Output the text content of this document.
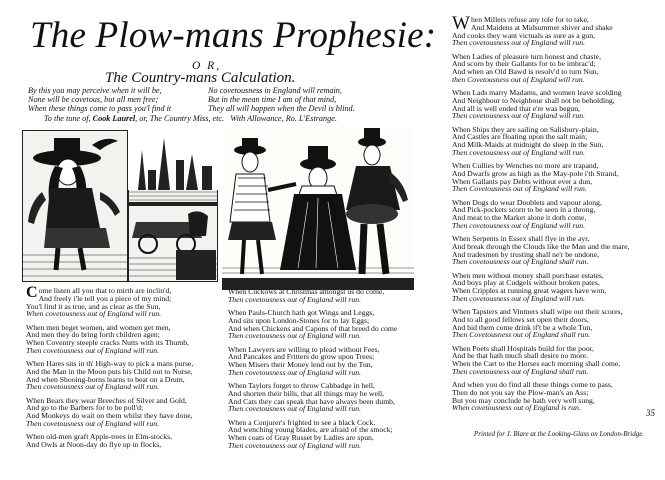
The Plow-mans Prophesie:
O R,
The Country-mans Calculation.
By this you may perceive when it will be,
None will be covetous, but all men free;
When these things come to pass you'l find it
No covetousness in England will remain,
But in the mean time I am of that mind,
They all will happen when the Devil is blind.
To the tune of, Cook Laurel, or, The Country Miss, etc. With Allowance, Ro. L'Estrange.
Come listen all you that to mirth are inclin'd,
And freely i'le tell you a piece of my mind;
You'l find it as true, and as clear as the Sun,
When covetousness out of England will run.
When men beget women, and women get men,
And men they do bring forth children agen;
When Coventry steeple cracks Nutts with its Thumb,
Then covetousness out of England will run.
When Hares sits in th' High-way to pick a mans purse,
And the Man in the Moon puts his Child out to Nurse,
And when Shooing-horns learns to beat on a Drum,
Then covetousness out of England will run.
When Bears they wear Breeches of Silver and Gold,
And go to the Barbers for to be poll'd;
And Monkeys do wait on them whilst they have done,
Then covetousness out of England will run.
When old-men graft Apple-trees in Elm-stocks,
And Owls at Noon-day do flye up in flocks,
When Cuckows at Christmas amongst us do come,
Then covetousness out of England will run.
When Pauls-Church hath got Wings and Leggs,
And sits upon London-Stones for to lay Eggs;
And when Chickens and Capons of that breed do come
Then covetousness out of England will run.
When Lawyers are willing to plead without Fees,
And Pancakes and Fritters do grow upon Trees;
When Misers their Money lend out by the Tun,
Then covetousness out of England will run.
When Taylors forget to throw Cabbadge in hell,
And shorten their bills, that all things may be well,
And Cats they can speak that have always been dumb,
Then covetousness out of England will run.
When a Conjurer's frighted to see a black Cock,
And wenching young blades, are afraid of the smock;
When coats of Gray Russet by Ladies are spun,
Then covetousness out of England will run.
When Millers refuse any tole for to take,
And Maidens at Midsummer shiver and shake
And cooks they want victuals as sure as a gun,
Then covetousness out of England will run.
When Ladies of pleasure turn honest and chaste,
And scorn by their Gallants for to be imbrac'd;
And when an Old Bawd is resolv'd to turn Nun,
then Covetousness out of England will run.
When Lads marry Madams, and women leave scolding
And Neighbour to Neighbour shall not be beholding,
And all is well ended that e're was begun,
Then covetousness out of England will run.
When Ships they are sailing on Salisbury-plain,
And Castles are floating upon the salt main;
And Milk-Maids at midnight do sleep in the Sun,
Then covetousness out of England will run.
When Cullies by Wenches no more are trapand,
And Dwarfs grow as high as the May-pole i'th Strand,
When Gallants pay Debts without ever a dun,
Then Covetousness out of England will run.
When Dogs do wear Doublets and vapour along,
And Pick-pockets scorn to be seen in a throng,
And meat to the Market alone it doth come,
Then covetousness out of England will run.
When Serpents in Essex shall flye in the ayr,
And break through the Clouds like the Man and the mare,
And tradesmen by trusting shall ne'r be undone,
Then covetousness out of England shall run.
When men without money shall purchase estates,
And boys play at Cudgels without broken pates,
When Cripples at running great wagers have won,
Then covetousness out of England will run.
When Tapsters and Vintners shall wipe out their scores,
And to all good fellows set open their doors,
And bid them come drink if't be a whole Tun,
Then Covetousness out of England shall run.
When Poets shall Hospitals build for the poor,
And he that hath much shall desire no more.
When the Cart to the Horses each morning shall come,
Then covetousness out of England shall run.
And when you do find all these things come to pass,
Then do not you say the Plow-man's an Ass;
But you may conclude he hath very well sung,
When covetousness out of England is run.
Printed for J. Blare at the Looking-Glass on London-Bridge.
35
